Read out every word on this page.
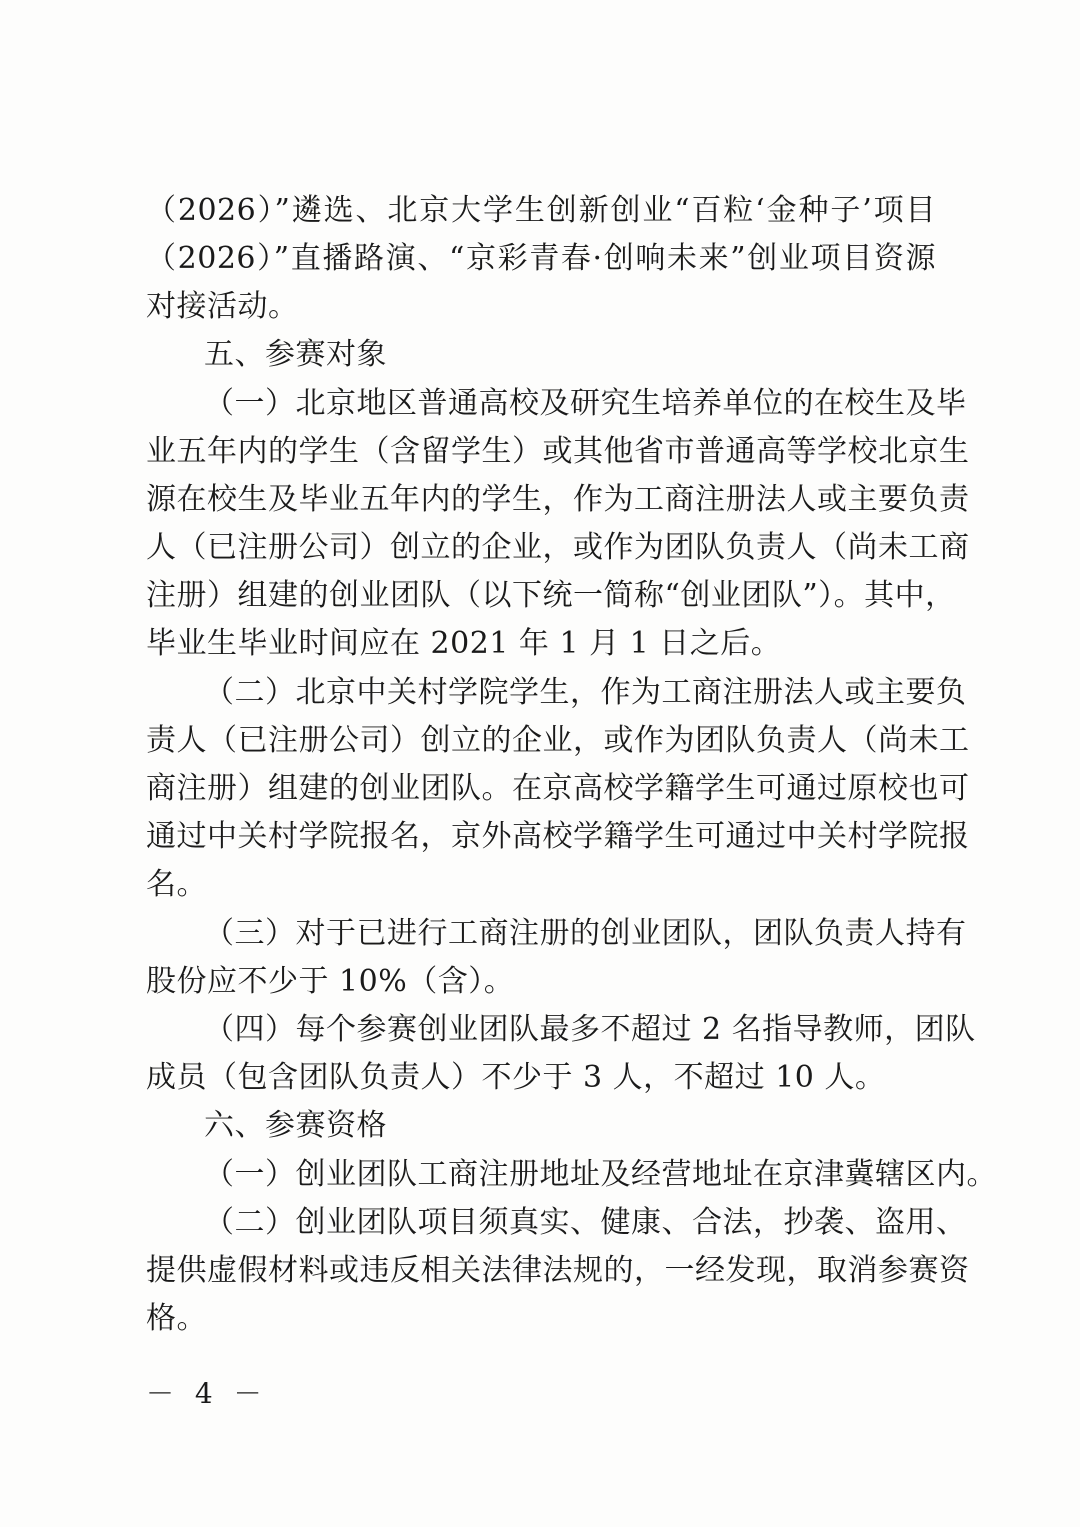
（2026）”遴选、北京大学生创新创业“百粒‘金种子’项目
（2026）”直播路演、“京彩青春·创响未来”创业项目资源
对接活动。
五、参赛对象
（一）北京地区普通高校及研究生培养单位的在校生及毕
业五年内的学生（含留学生）或其他省市普通高等学校北京生
源在校生及毕业五年内的学生，作为工商注册法人或主要负责
人（已注册公司）创立的企业，或作为团队负责人（尚未工商
注册）组建的创业团队（以下统一简称“创业团队”）。其中，
毕业生毕业时间应在 2021 年 1 月 1 日之后。
（二）北京中关村学院学生，作为工商注册法人或主要负
责人（已注册公司）创立的企业，或作为团队负责人（尚未工
商注册）组建的创业团队。在京高校学籍学生可通过原校也可
通过中关村学院报名，京外高校学籍学生可通过中关村学院报
名。
（三）对于已进行工商注册的创业团队，团队负责人持有
股份应不少于 10%（含）。
（四）每个参赛创业团队最多不超过 2 名指导教师，团队
成员（包含团队负责人）不少于 3 人，不超过 10 人。
六、参赛资格
（一）创业团队工商注册地址及经营地址在京津冀辖区内。
（二）创业团队项目须真实、健康、合法，抄袭、盗用、
提供虚假材料或违反相关法律法规的，一经发现，取消参赛资
格。
－ 4 －
